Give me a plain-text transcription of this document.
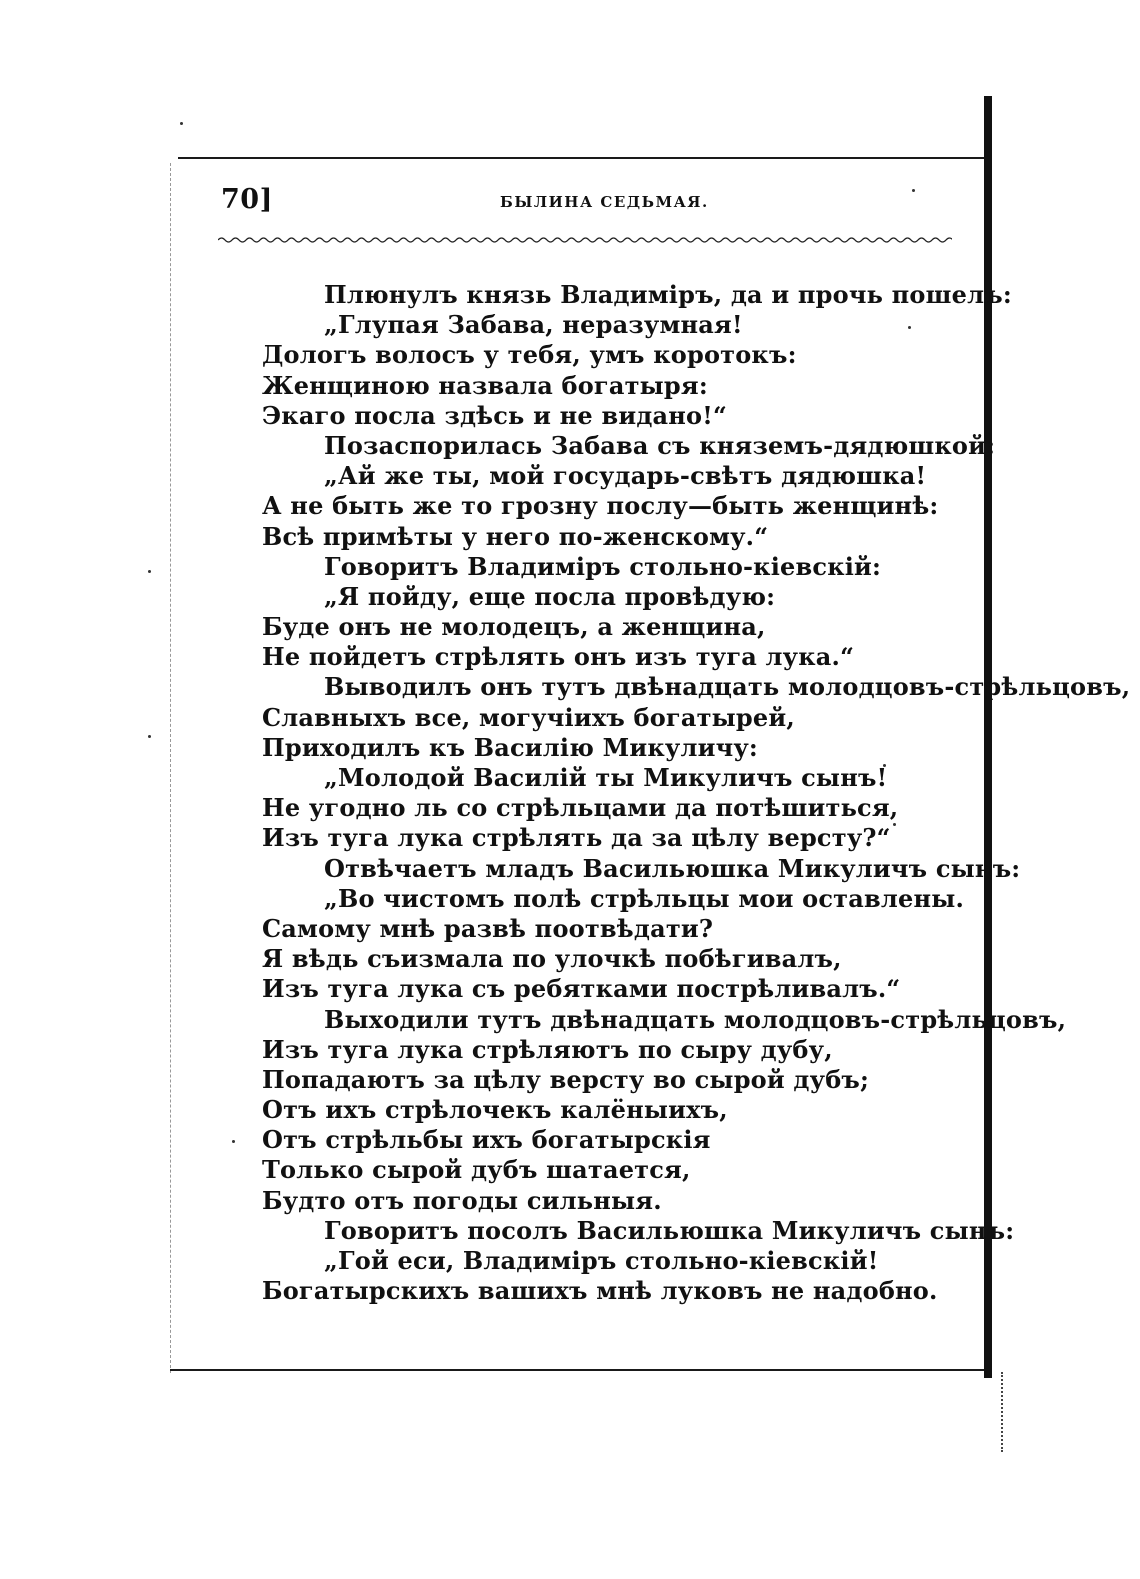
70]	БЫЛИНА СЕДЬМАЯ.
Плюнулъ князь Владиміръ, да и прочь пошелъ:
„Глупая Забава, неразумная!
Дологъ волосъ у тебя, умъ коротокъ:
Женщиною назвала богатыря:
Экаго посла здѣсь и не видано!“
Позаспорилась Забава съ княземъ-дядюшкой:
„Ай же ты, мой государь-свѣтъ дядюшка!
А не быть же то грозну послу—быть женщинѣ:
Всѣ примѣты у него по-женскому.“
Говоритъ Владиміръ стольно-кіевскій:
„Я пойду, еще посла провѣдую:
Буде онъ не молодецъ, а женщина,
Не пойдетъ стрѣлять онъ изъ туга лука.“
Выводилъ онъ тутъ двѣнадцать молодцовъ-стрѣльцовъ,
Славныхъ все, могучіихъ богатырей,
Приходилъ къ Василію Микуличу:
„Молодой Василій ты Микуличъ сынъ!
Не угодно ль со стрѣльцами да потѣшиться,
Изъ туга лука стрѣлять да за цѣлу версту?“
Отвѣчаетъ младъ Васильюшка Микуличъ сынъ:
„Во чистомъ полѣ стрѣльцы мои оставлены.
Самому мнѣ развѣ поотвѣдати?
Я вѣдь съизмала по улочкѣ побѣгивалъ,
Изъ туга лука съ ребятками пострѣливалъ.“
Выходили тутъ двѣнадцать молодцовъ-стрѣльцовъ,
Изъ туга лука стрѣляютъ по сыру дубу,
Попадаютъ за цѣлу версту во сырой дубъ;
Отъ ихъ стрѣлочекъ калёныихъ,
Отъ стрѣльбы ихъ богатырскія
Только сырой дубъ шатается,
Будто отъ погоды сильныя.
Говоритъ посолъ Васильюшка Микуличъ сынъ:
„Гой еси, Владиміръ стольно-кіевскій!
Богатырскихъ вашихъ мнѣ луковъ не надобно.
